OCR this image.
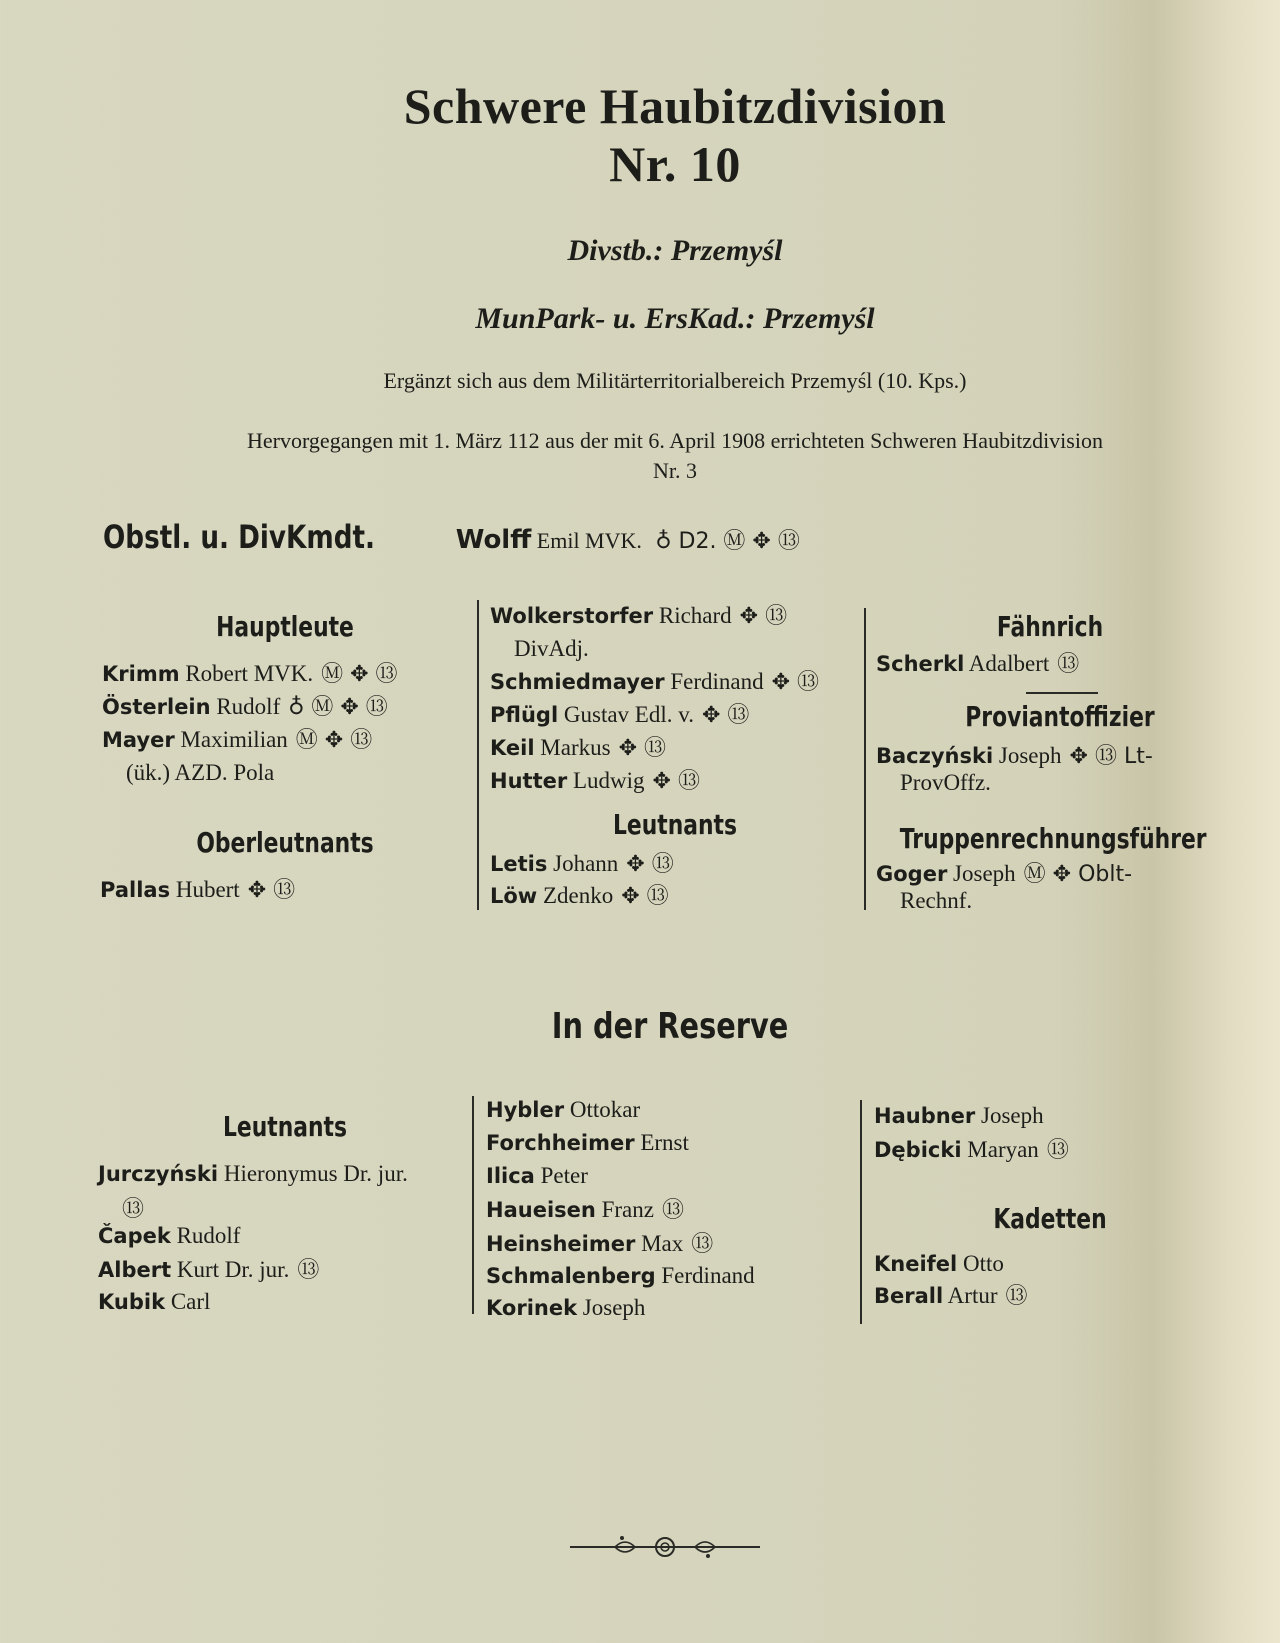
Schwere Haubitzdivision
Nr. 10
Divstb.: Przemyśl
MunPark- u. ErsKad.: Przemyśl
Ergänzt sich aus dem Militärterritorialbereich Przemyśl (10. Kps.)
Hervorgegangen mit 1. März 112 aus der mit 6. April 1908 errichteten Schweren Haubitzdivision
Nr. 3
Obstl. u. DivKmdt.	Wolff Emil MVK. ♁ D2. Ⓜ ✥ ⑬
Hauptleute
Krimm Robert MVK. Ⓜ ✥ ⑬
Österlein Rudolf ♁ Ⓜ ✥ ⑬
Mayer Maximilian Ⓜ ✥ ⑬
(ük.) AZD. Pola
Oberleutnants
Pallas Hubert ✥ ⑬
Wolkerstorfer Richard ✥ ⑬
DivAdj.
Schmiedmayer Ferdinand ✥ ⑬
Pflügl Gustav Edl. v. ✥ ⑬
Keil Markus ✥ ⑬
Hutter Ludwig ✥ ⑬
Leutnants
Letis Johann ✥ ⑬
Löw Zdenko ✥ ⑬
Fähnrich
Scherkl Adalbert ⑬
Proviantoffizier
Baczyński Joseph ✥ ⑬ Lt-
ProvOffz.
Truppenrechnungsführer
Goger Joseph Ⓜ ✥ Oblt-
Rechnf.
In der Reserve
Leutnants
Jurczyński Hieronymus Dr. jur.
⑬
Čapek Rudolf
Albert Kurt Dr. jur. ⑬
Kubik Carl
Hybler Ottokar
Forchheimer Ernst
Ilica Peter
Haueisen Franz ⑬
Heinsheimer Max ⑬
Schmalenberg Ferdinand
Korinek Joseph
Haubner Joseph
Dębicki Maryan ⑬
Kadetten
Kneifel Otto
Berall Artur ⑬
